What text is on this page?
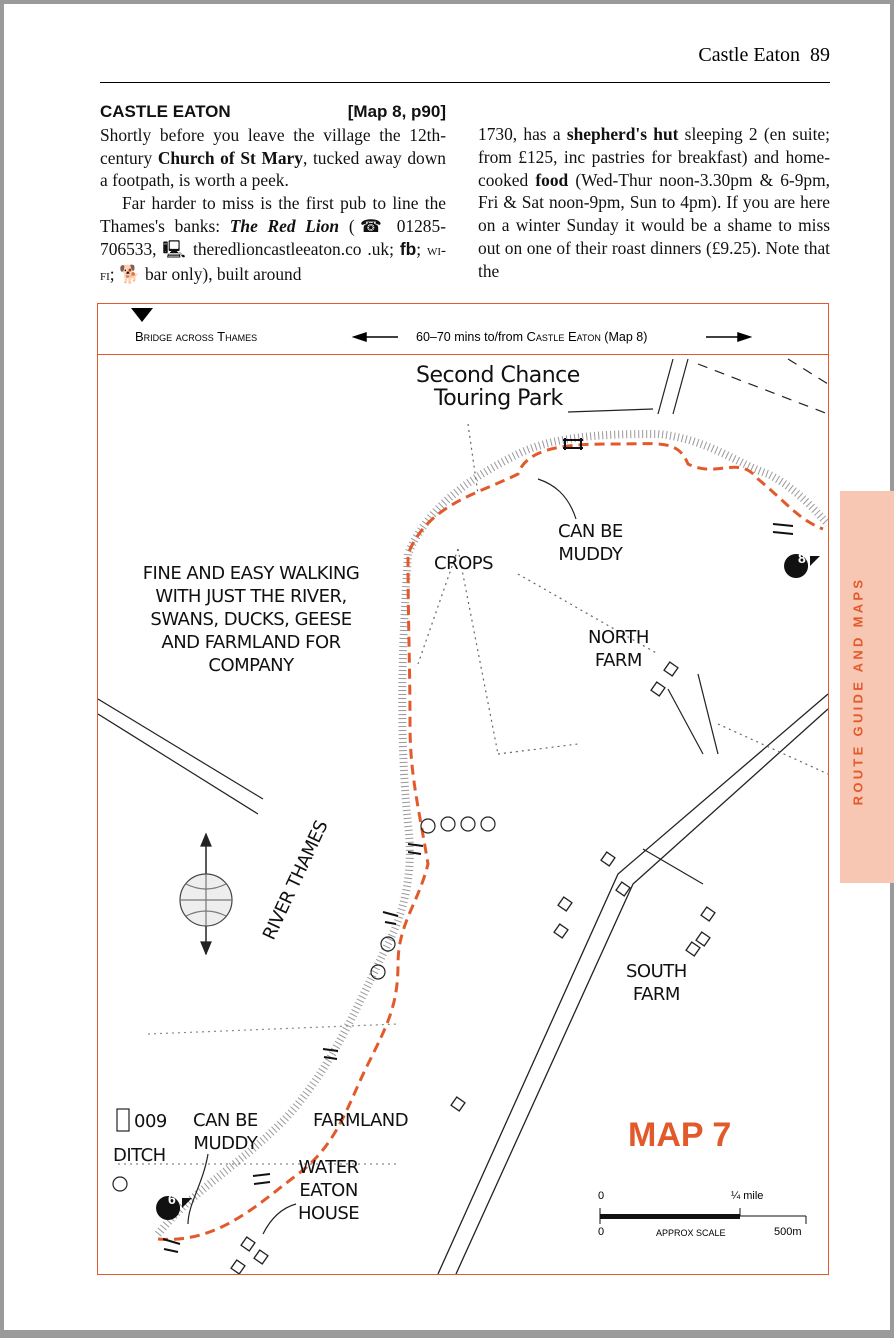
Castle Eaton 89
CASTLE EATON	[Map 8, p90]
Shortly before you leave the village the 12th-century Church of St Mary, tucked away down a footpath, is worth a peek.
Far harder to miss is the first pub to line the Thames's banks: The Red Lion (☎ 01285-706533, 🖳 theredlioncastleeaton.co .uk; fb; wi-fi; 🐕 bar only), built around
1730, has a shepherd's hut sleeping 2 (en suite; from £125, inc pastries for breakfast) and home-cooked food (Wed-Thur noon-3.30pm & 6-9pm, Fri & Sat noon-9pm, Sun to 4pm). If you are here on a winter Sunday it would be a shame to miss out on one of their roast dinners (£9.25). Note that the
ROUTE GUIDE AND MAPS
Bridge across Thames	60–70 mins to/from Castle Eaton (Map 8)
8
6
Second Chance
Touring Park
FINE AND EASY WALKING
WITH JUST THE RIVER,
SWANS, DUCKS, GEESE
AND FARMLAND FOR
COMPANY
CROPS
CAN BE
MUDDY
NORTH
FARM
SOUTH
FARM
RIVER THAMES
FARMLAND
CAN BE
MUDDY
009
DITCH
WATER
EATON
HOUSE
MAP 7
0	¼ mile
0	APPROX SCALE	500m
